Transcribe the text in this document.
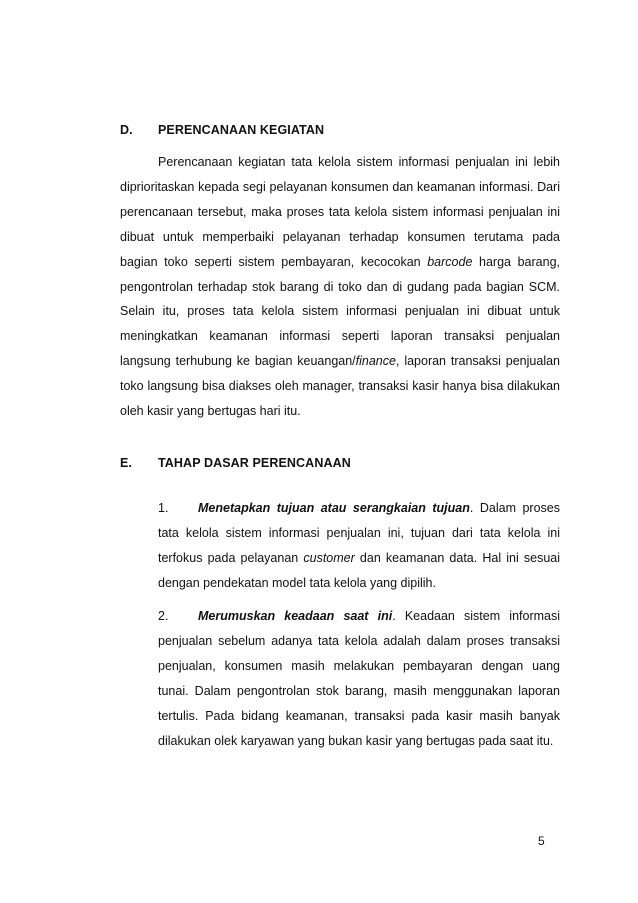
D. PERENCANAAN KEGIATAN

Perencanaan kegiatan tata kelola sistem informasi penjualan ini lebih diprioritaskan kepada segi pelayanan konsumen dan keamanan informasi. Dari perencanaan tersebut, maka proses tata kelola sistem informasi penjualan ini dibuat untuk memperbaiki pelayanan terhadap konsumen terutama pada bagian toko seperti sistem pembayaran, kecocokan barcode harga barang, pengontrolan terhadap stok barang di toko dan di gudang pada bagian SCM. Selain itu, proses tata kelola sistem informasi penjualan ini dibuat untuk meningkatkan keamanan informasi seperti laporan transaksi penjualan langsung terhubung ke bagian keuangan/finance, laporan transaksi penjualan toko langsung bisa diakses oleh manager, transaksi kasir hanya bisa dilakukan oleh kasir yang bertugas hari itu.

E. TAHAP DASAR PERENCANAAN

1. Menetapkan tujuan atau serangkaian tujuan. Dalam proses tata kelola sistem informasi penjualan ini, tujuan dari tata kelola ini terfokus pada pelayanan customer dan keamanan data. Hal ini sesuai dengan pendekatan model tata kelola yang dipilih.

2. Merumuskan keadaan saat ini. Keadaan sistem informasi penjualan sebelum adanya tata kelola adalah dalam proses transaksi penjualan, konsumen masih melakukan pembayaran dengan uang tunai. Dalam pengontrolan stok barang, masih menggunakan laporan tertulis. Pada bidang keamanan, transaksi pada kasir masih banyak dilakukan olek karyawan yang bukan kasir yang bertugas pada saat itu.

5
